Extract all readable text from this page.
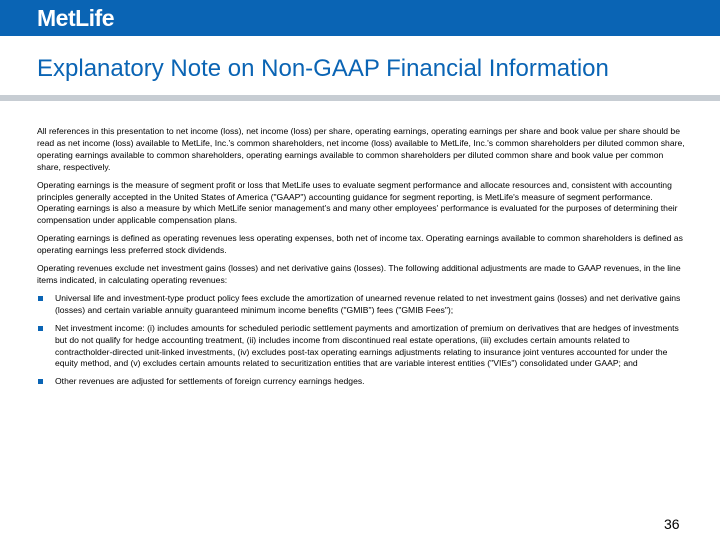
MetLife
Explanatory Note on Non-GAAP Financial Information

All references in this presentation to net income (loss), net income (loss) per share, operating earnings, operating earnings per share and book value per share should be read as net income (loss) available to MetLife, Inc.'s common shareholders, net income (loss) available to MetLife, Inc.'s common shareholders per diluted common share, operating earnings available to common shareholders, operating earnings available to common shareholders per diluted common share and book value per common share, respectively.

Operating earnings is the measure of segment profit or loss that MetLife uses to evaluate segment performance and allocate resources and, consistent with accounting principles generally accepted in the United States of America ("GAAP") accounting guidance for segment reporting, is MetLife's measure of segment performance. Operating earnings is also a measure by which MetLife senior management's and many other employees' performance is evaluated for the purposes of determining their compensation under applicable compensation plans.

Operating earnings is defined as operating revenues less operating expenses, both net of income tax. Operating earnings available to common shareholders is defined as operating earnings less preferred stock dividends.

Operating revenues exclude net investment gains (losses) and net derivative gains (losses). The following additional adjustments are made to GAAP revenues, in the line items indicated, in calculating operating revenues:

Universal life and investment-type product policy fees exclude the amortization of unearned revenue related to net investment gains (losses) and net derivative gains (losses) and certain variable annuity guaranteed minimum income benefits ("GMIB") fees ("GMIB Fees");
Net investment income: (i) includes amounts for scheduled periodic settlement payments and amortization of premium on derivatives that are hedges of investments but do not qualify for hedge accounting treatment, (ii) includes income from discontinued real estate operations, (iii) excludes certain amounts related to contractholder-directed unit-linked investments, (iv) excludes post-tax operating earnings adjustments relating to insurance joint ventures accounted for under the equity method, and (v) excludes certain amounts related to securitization entities that are variable interest entities ("VIEs") consolidated under GAAP; and
Other revenues are adjusted for settlements of foreign currency earnings hedges.
36
